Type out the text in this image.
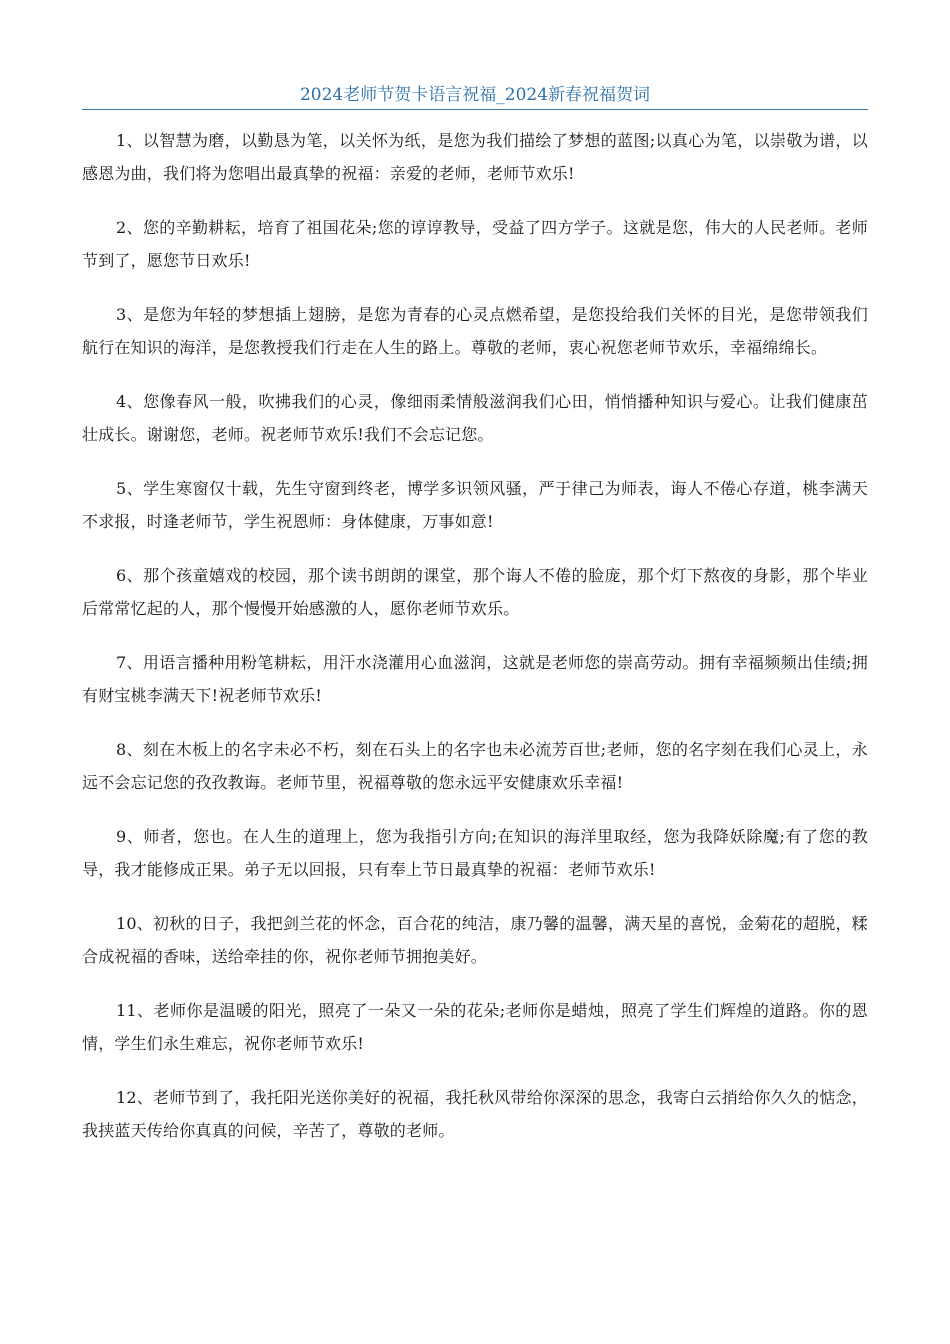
2024老师节贺卡语言祝福_2024新春祝福贺词

1、以智慧为磨，以勤恳为笔，以关怀为纸，是您为我们描绘了梦想的蓝图;以真心为笔，以崇敬为谱，以感恩为曲，我们将为您唱出最真挚的祝福：亲爱的老师，老师节欢乐!

2、您的辛勤耕耘，培育了祖国花朵;您的谆谆教导，受益了四方学子。这就是您，伟大的人民老师。老师节到了，愿您节日欢乐!

3、是您为年轻的梦想插上翅膀，是您为青春的心灵点燃希望，是您投给我们关怀的目光，是您带领我们航行在知识的海洋，是您教授我们行走在人生的路上。尊敬的老师，衷心祝您老师节欢乐，幸福绵绵长。

4、您像春风一般，吹拂我们的心灵，像细雨柔情般滋润我们心田，悄悄播种知识与爱心。让我们健康茁壮成长。谢谢您，老师。祝老师节欢乐!我们不会忘记您。

5、学生寒窗仅十载，先生守窗到终老，博学多识领风骚，严于律己为师表，诲人不倦心存道，桃李满天不求报，时逢老师节，学生祝恩师：身体健康，万事如意!

6、那个孩童嬉戏的校园，那个读书朗朗的课堂，那个诲人不倦的脸庞，那个灯下熬夜的身影，那个毕业后常常忆起的人，那个慢慢开始感激的人，愿你老师节欢乐。

7、用语言播种用粉笔耕耘，用汗水浇灌用心血滋润，这就是老师您的崇高劳动。拥有幸福频频出佳绩;拥有财宝桃李满天下!祝老师节欢乐!

8、刻在木板上的名字未必不朽，刻在石头上的名字也未必流芳百世;老师，您的名字刻在我们心灵上，永远不会忘记您的孜孜教诲。老师节里，祝福尊敬的您永远平安健康欢乐幸福!

9、师者，您也。在人生的道理上，您为我指引方向;在知识的海洋里取经，您为我降妖除魔;有了您的教导，我才能修成正果。弟子无以回报，只有奉上节日最真挚的祝福：老师节欢乐!

10、初秋的日子，我把剑兰花的怀念，百合花的纯洁，康乃馨的温馨，满天星的喜悦，金菊花的超脱，糅合成祝福的香味，送给牵挂的你，祝你老师节拥抱美好。

11、老师你是温暖的阳光，照亮了一朵又一朵的花朵;老师你是蜡烛，照亮了学生们辉煌的道路。你的恩情，学生们永生难忘，祝你老师节欢乐!

12、老师节到了，我托阳光送你美好的祝福，我托秋风带给你深深的思念，我寄白云捎给你久久的惦念，我挟蓝天传给你真真的问候，辛苦了，尊敬的老师。
